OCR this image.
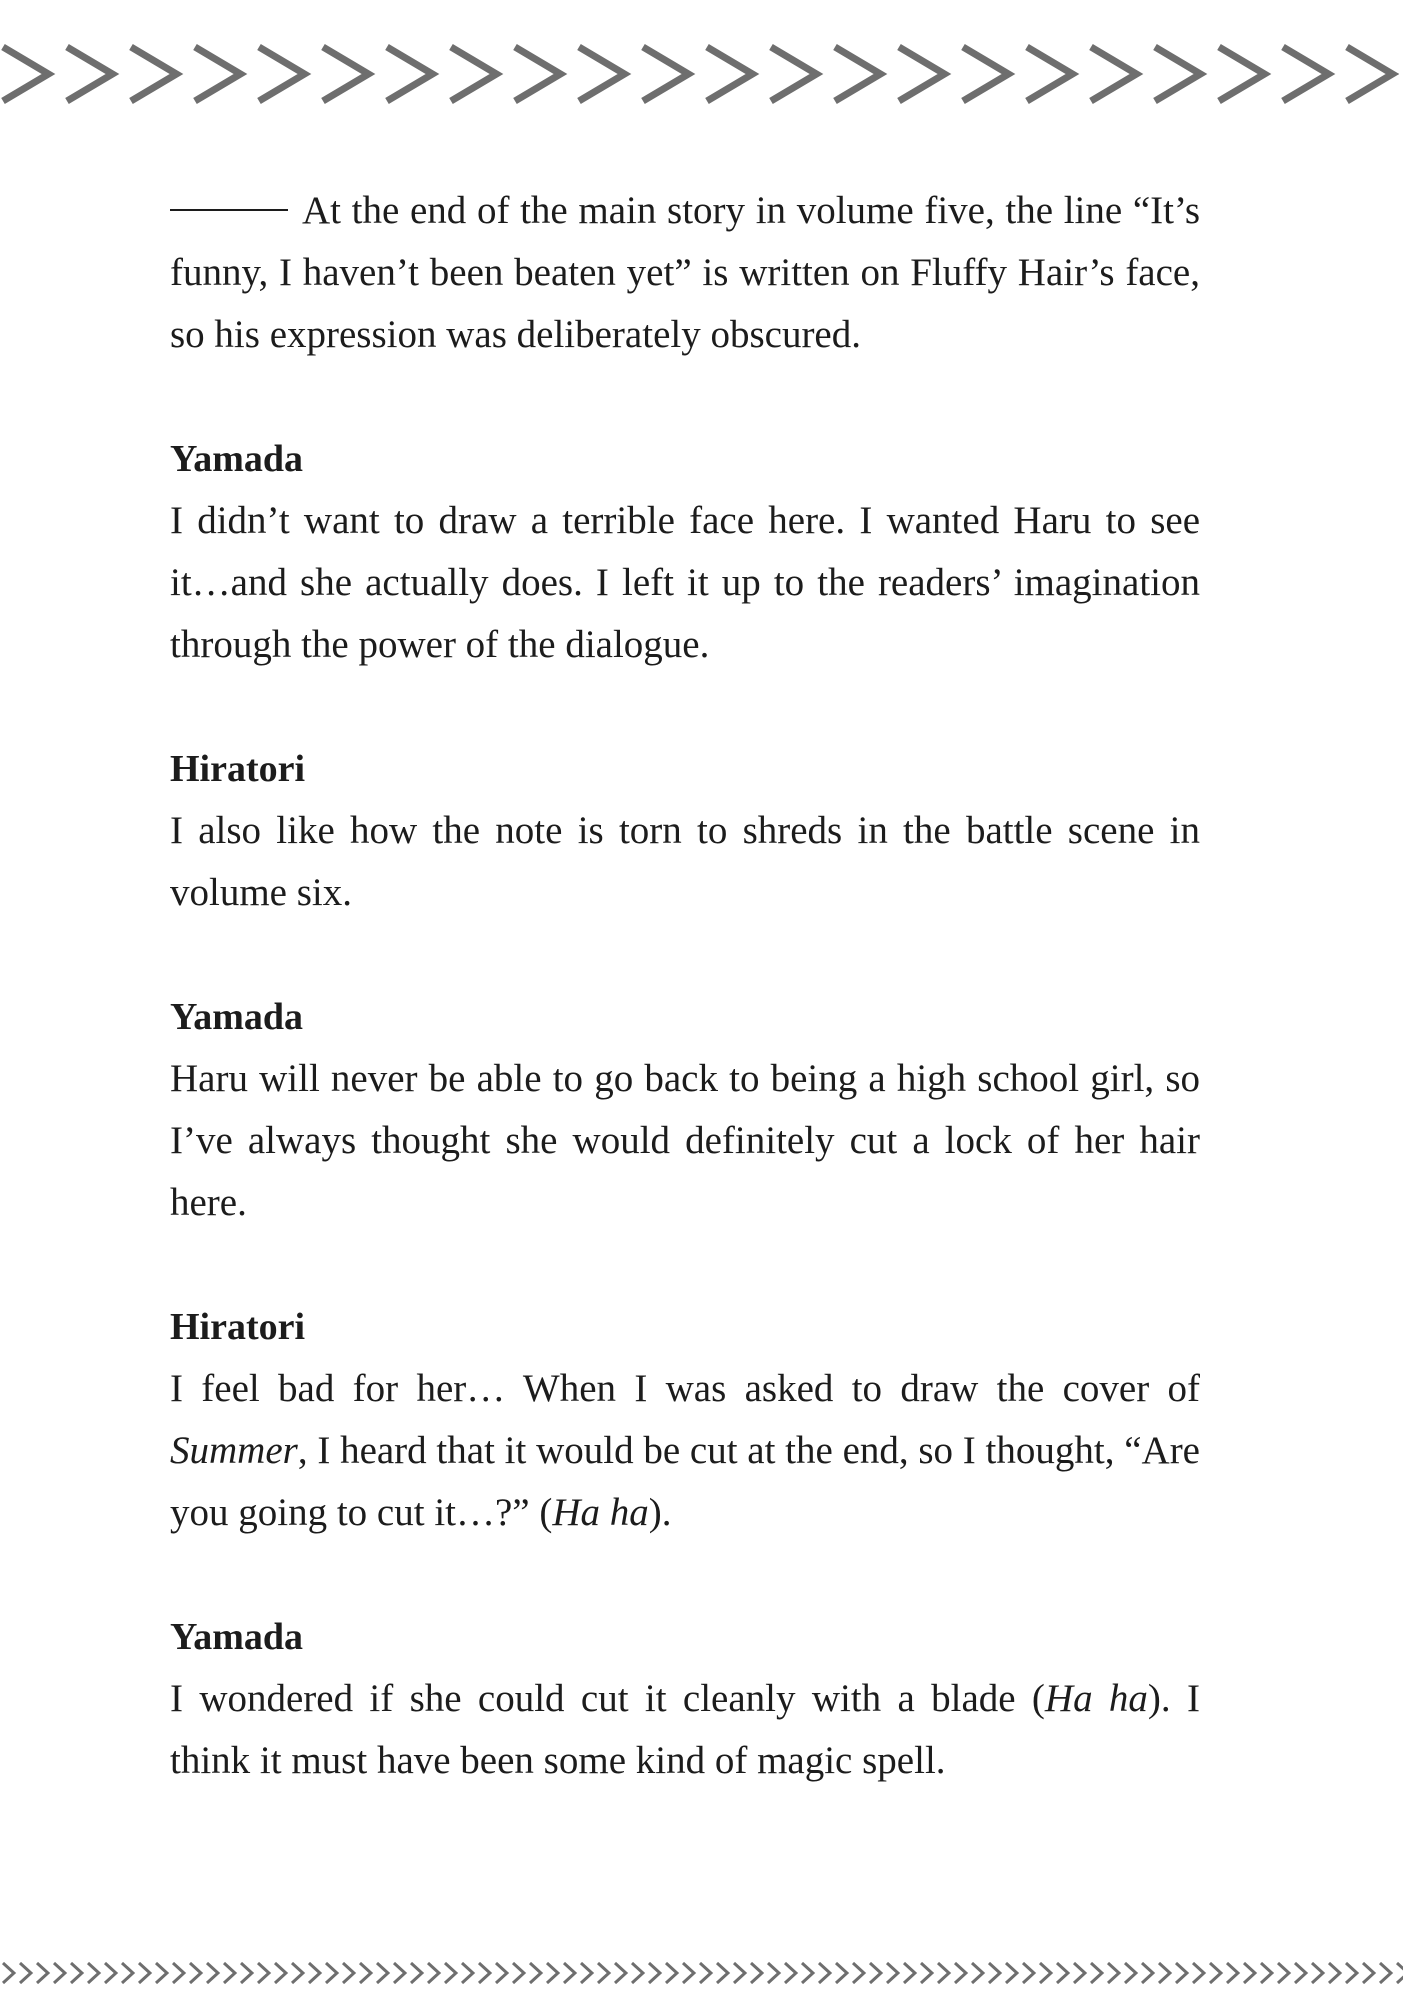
At the end of the main story in volume five, the line “It’s funny, I haven’t been beaten yet” is written on Fluffy Hair’s face, so his expression was deliberately obscured.

Yamada

I didn’t want to draw a terrible face here. I wanted Haru to see it…and she actually does. I left it up to the readers’ imagination through the power of the dialogue.

Hiratori

I also like how the note is torn to shreds in the battle scene in volume six.

Yamada

Haru will never be able to go back to being a high school girl, so I’ve always thought she would definitely cut a lock of her hair here.

Hiratori

I feel bad for her… When I was asked to draw the cover of Summer, I heard that it would be cut at the end, so I thought, “Are you going to cut it…?” (Ha ha).

Yamada

I wondered if she could cut it cleanly with a blade (Ha ha). I think it must have been some kind of magic spell.
